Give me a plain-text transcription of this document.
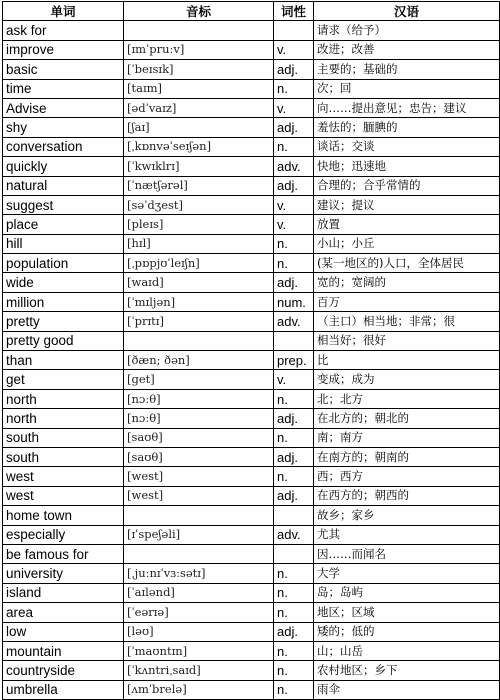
单词	音标	词性	汉语
ask for			请求（给予）
improve	[ɪmˈpruːv]	v.	改进；改善
basic	[ˈbeɪsɪk]	adj.	主要的；基础的
time	[taɪm]	n.	次；回
Advise	[ədˈvaɪz]	v.	向……提出意见；忠告；建议
shy	[ʃaɪ]	adj.	羞怯的；腼腆的
conversation	[ˌkɒnvəˈseɪʃən]	n.	谈话；交谈
quickly	[ˈkwɪklrɪ]	adv.	快地；迅速地
natural	[ˈnætʃərəl]	adj.	合理的；合乎常情的
suggest	[səˈdʒest]	v.	建议；提议
place	[pleɪs]	v.	放置
hill	[hɪl]	n.	小山；小丘
population	[ˌpɒpjʊˈleɪʃn]	n.	(某一地区的)人口，全体居民
wide	[waɪd]	adj.	宽的；宽阔的
million	[ˈmɪljən]	num.	百万
pretty	[ˈprɪtɪ]	adv.	（主口）相当地；非常；很
pretty good			相当好；很好
than	[ðæn; ðən]	prep.	比
get	[get]	v.	变成；成为
north	[nɔːθ]	n.	北；北方
north	[nɔːθ]	adj.	在北方的；朝北的
south	[saʊθ]	n.	南；南方
south	[saʊθ]	adj.	在南方的；朝南的
west	[west]	n.	西；西方
west	[west]	adj.	在西方的；朝西的
home town			故乡；家乡
especially	[ɪˈspeʃəli]	adv.	尤其
be famous for			因……而闻名
university	[ˌjuːnɪˈvɜːsətɪ]	n.	大学
island	[ˈaɪlənd]	n.	岛；岛屿
area	[ˈeərɪə]	n.	地区；区域
low	[ləʊ]	adj.	矮的；低的
mountain	[ˈmaʊntɪn]	n.	山；山岳
countryside	[ˈkʌntriˌsaɪd]	n.	农村地区；乡下
umbrella	[ʌmˈbrelə]	n.	雨伞
